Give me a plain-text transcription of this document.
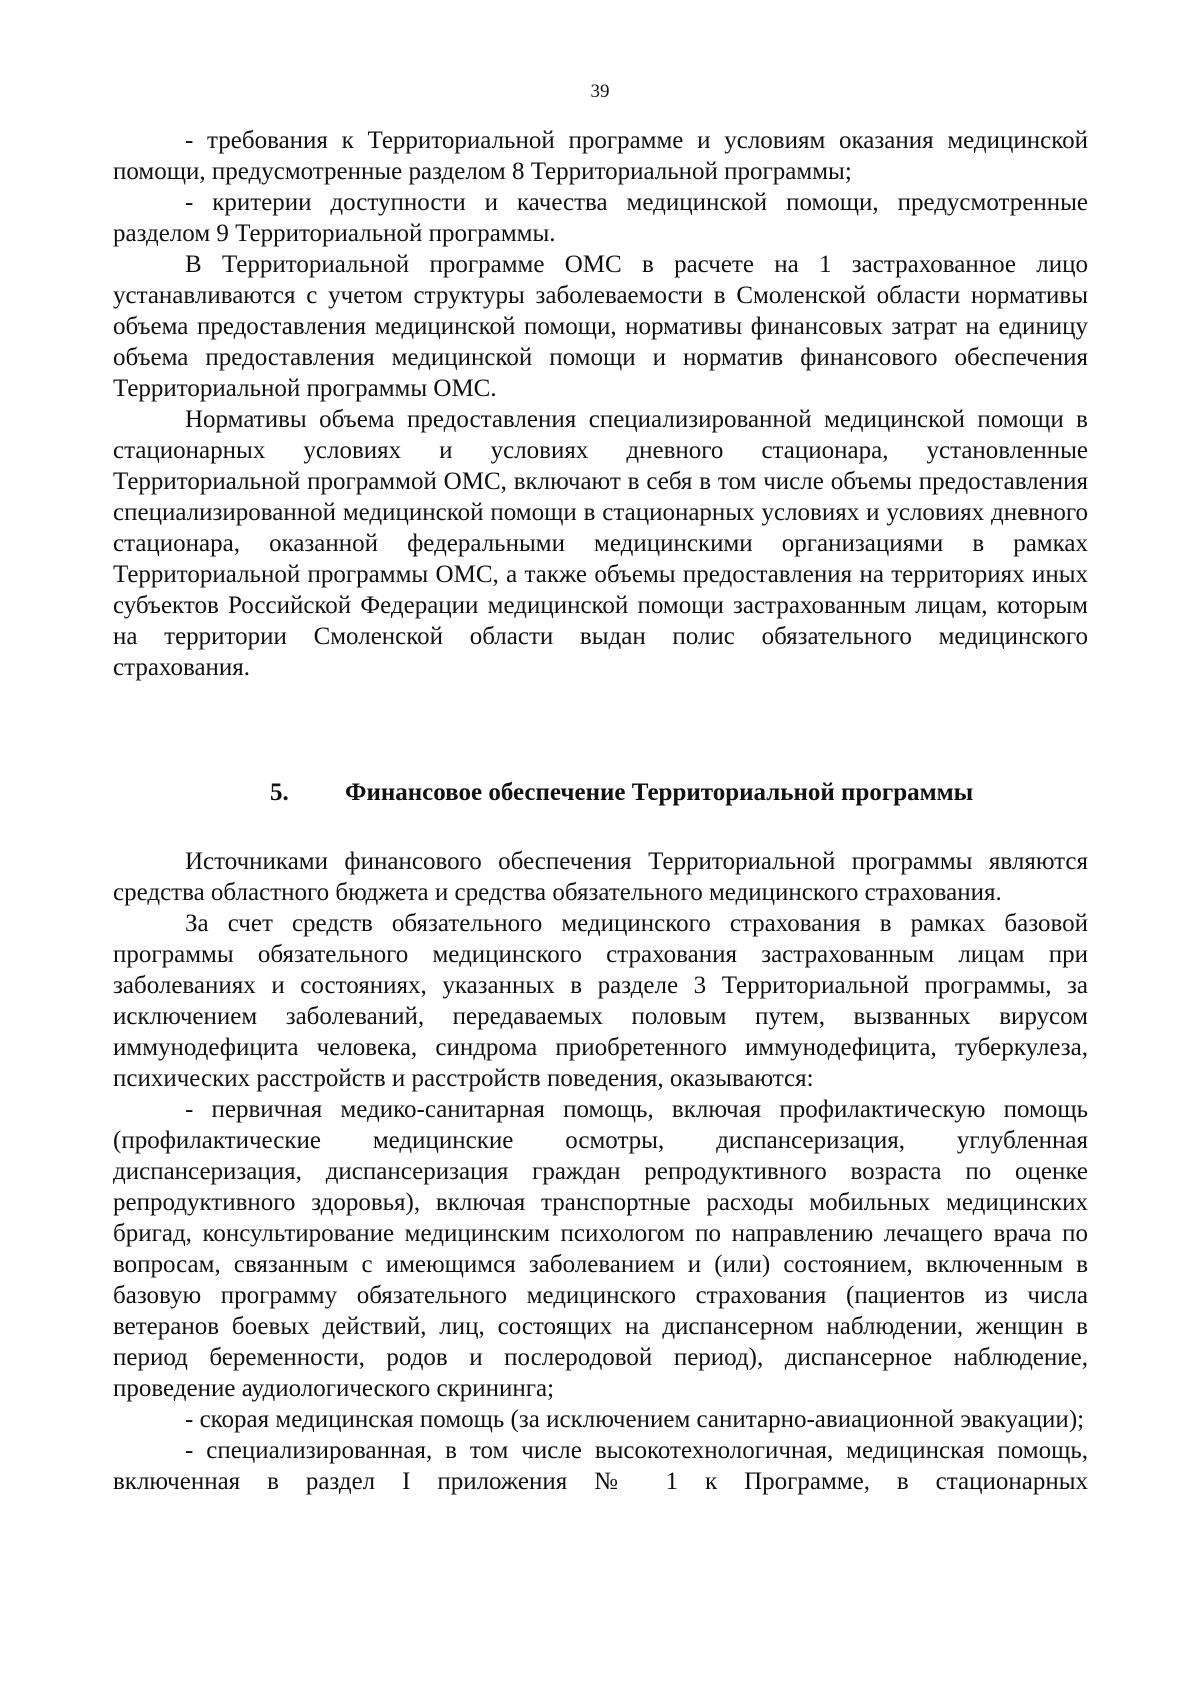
39

- требования к Территориальной программе и условиям оказания медицинской помощи, предусмотренные разделом 8 Территориальной программы;

- критерии доступности и качества медицинской помощи, предусмотренные разделом 9 Территориальной программы.

В Территориальной программе ОМС в расчете на 1 застрахованное лицо устанавливаются с учетом структуры заболеваемости в Смоленской области нормативы объема предоставления медицинской помощи, нормативы финансовых затрат на единицу объема предоставления медицинской помощи и норматив финансового обеспечения Территориальной программы ОМС.

Нормативы объема предоставления специализированной медицинской помощи в стационарных условиях и условиях дневного стационара, установленные Территориальной программой ОМС, включают в себя в том числе объемы предоставления специализированной медицинской помощи в стационарных условиях и условиях дневного стационара, оказанной федеральными медицинскими организациями в рамках Территориальной программы ОМС, а также объемы предоставления на территориях иных субъектов Российской Федерации медицинской помощи застрахованным лицам, которым на территории Смоленской области выдан полис обязательного медицинского страхования.

5. Финансовое обеспечение Территориальной программы

Источниками финансового обеспечения Территориальной программы являются средства областного бюджета и средства обязательного медицинского страхования.

За счет средств обязательного медицинского страхования в рамках базовой программы обязательного медицинского страхования застрахованным лицам при заболеваниях и состояниях, указанных в разделе 3 Территориальной программы, за исключением заболеваний, передаваемых половым путем, вызванных вирусом иммунодефицита человека, синдрома приобретенного иммунодефицита, туберкулеза, психических расстройств и расстройств поведения, оказываются:

- первичная медико-санитарная помощь, включая профилактическую помощь (профилактические медицинские осмотры, диспансеризация, углубленная диспансеризация, диспансеризация граждан репродуктивного возраста по оценке репродуктивного здоровья), включая транспортные расходы мобильных медицинских бригад, консультирование медицинским психологом по направлению лечащего врача по вопросам, связанным с имеющимся заболеванием и (или) состоянием, включенным в базовую программу обязательного медицинского страхования (пациентов из числа ветеранов боевых действий, лиц, состоящих на диспансерном наблюдении, женщин в период беременности, родов и послеродовой период), диспансерное наблюдение, проведение аудиологического скрининга;

- скорая медицинская помощь (за исключением санитарно-авиационной эвакуации);

- специализированная, в том числе высокотехнологичная, медицинская помощь, включенная в раздел I приложения № 1 к Программе, в стационарных
